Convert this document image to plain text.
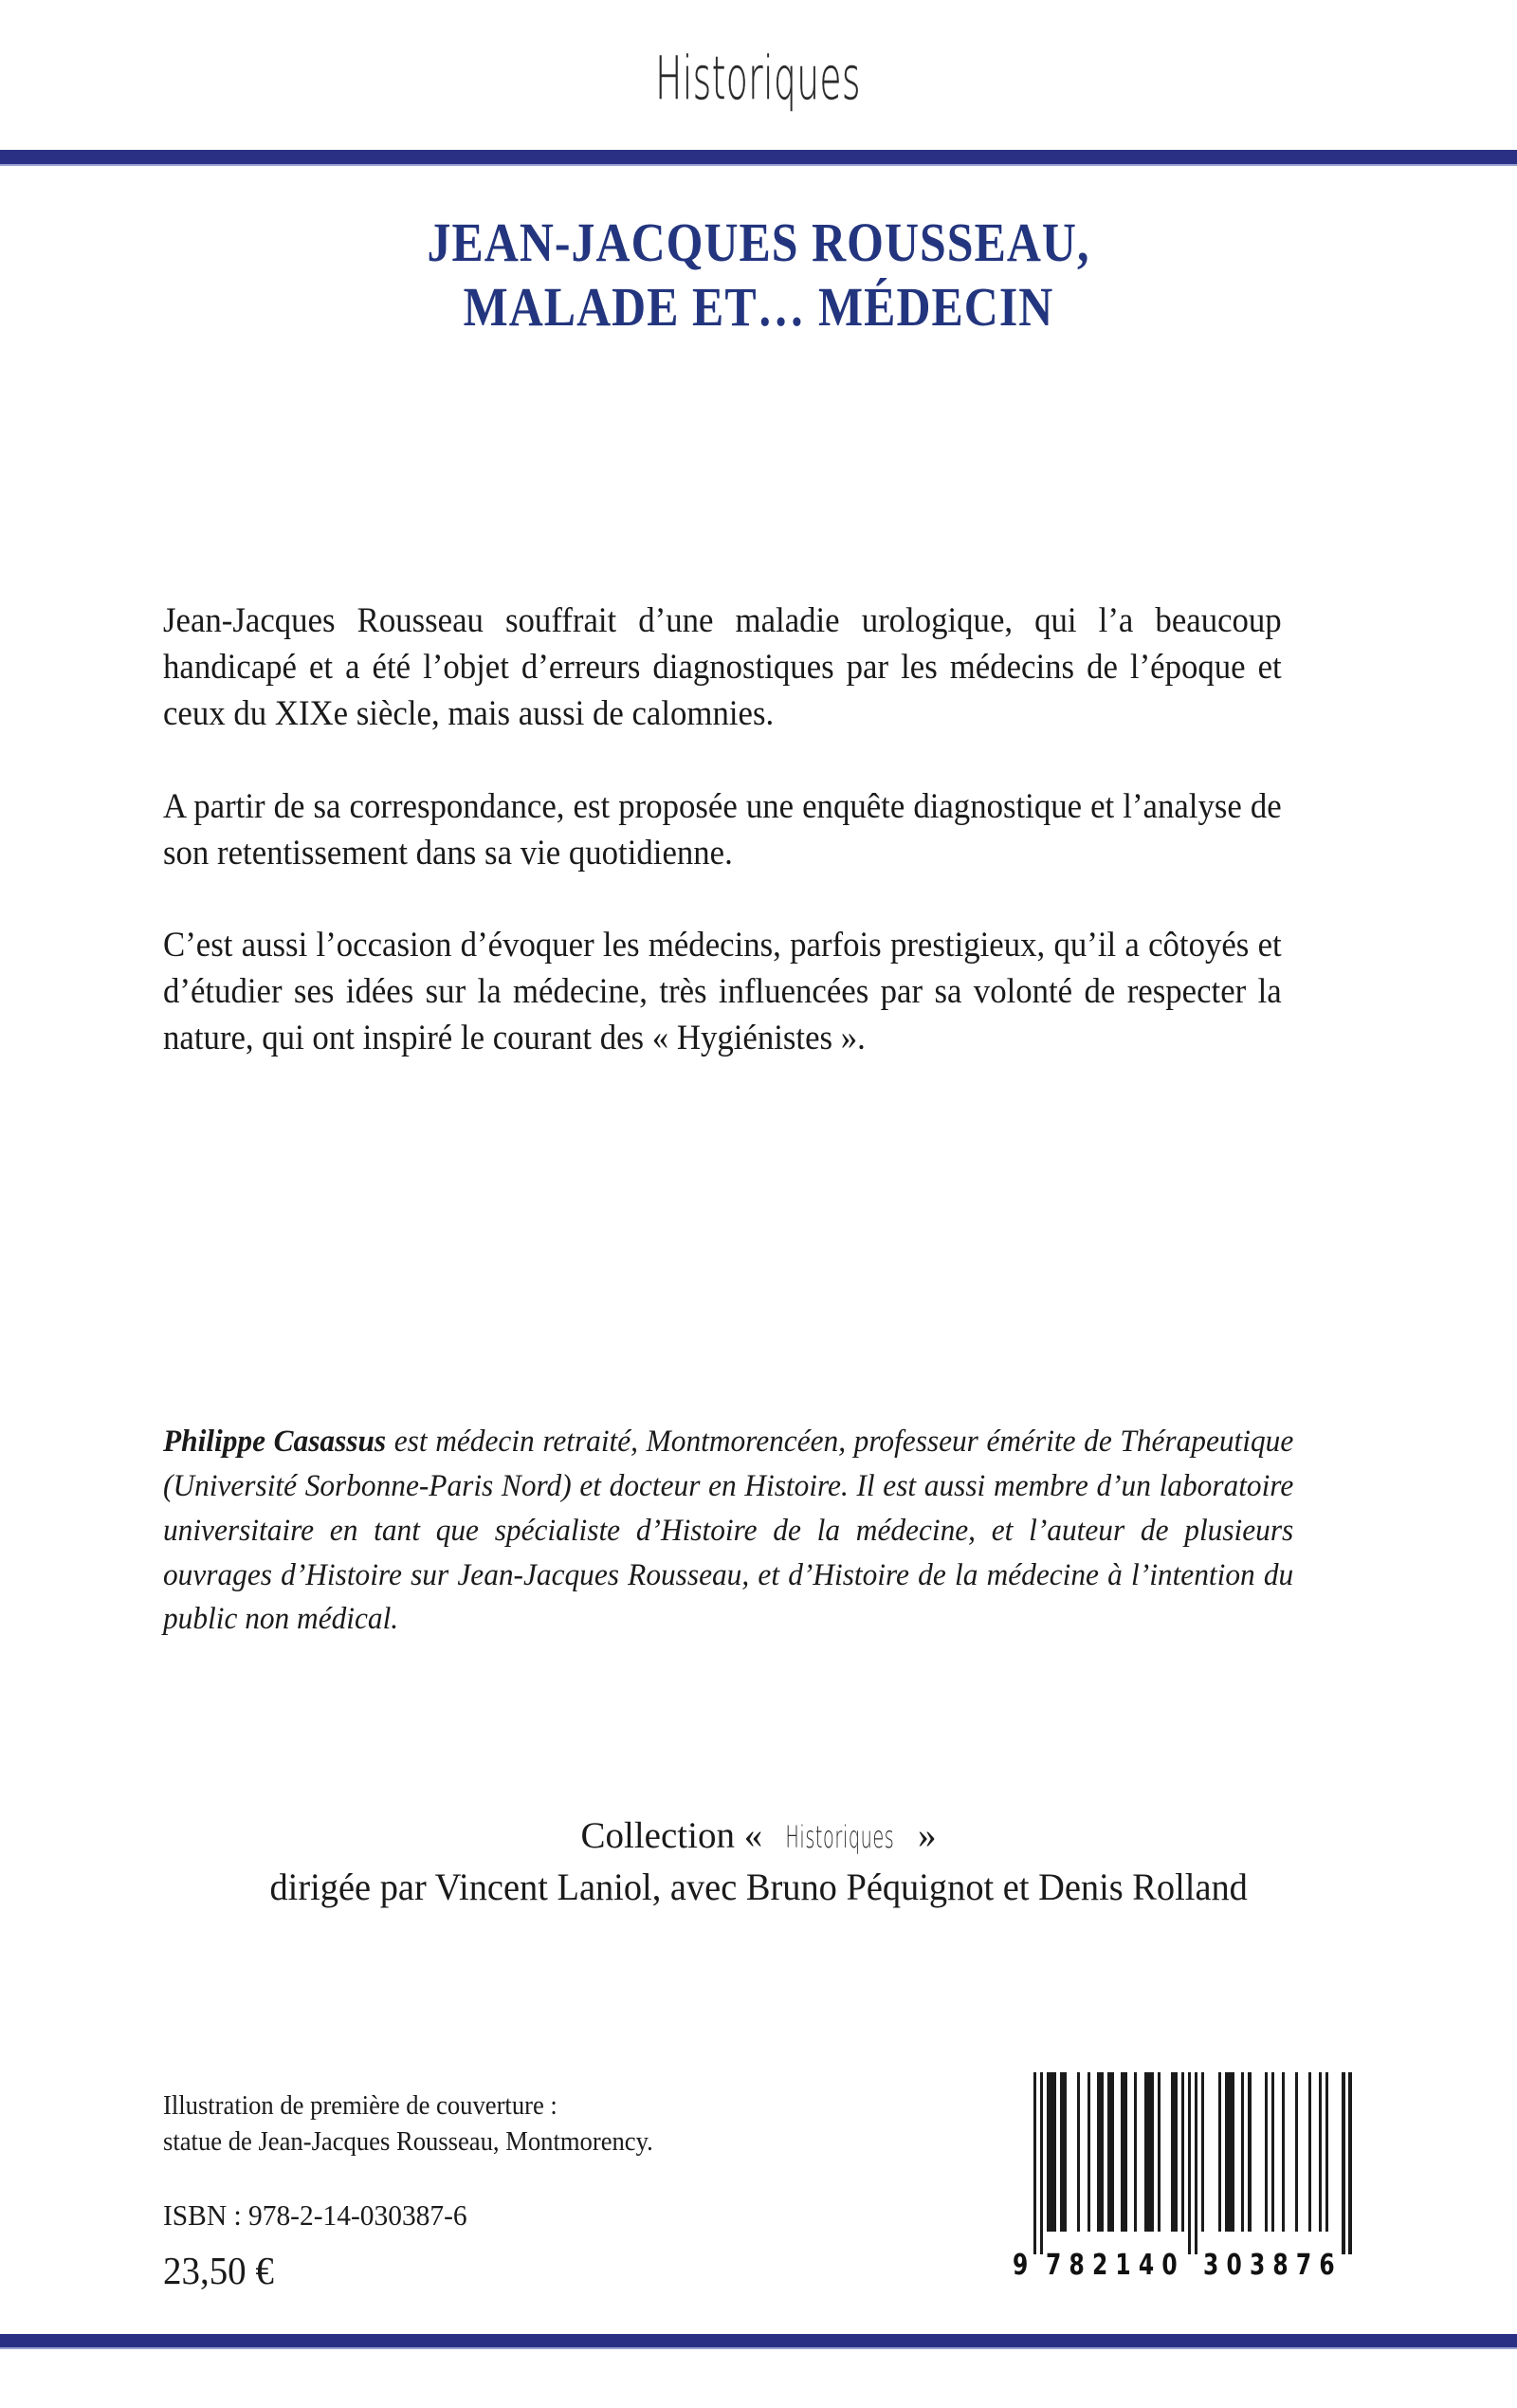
Historiques
JEAN-JACQUES ROUSSEAU,
MALADE ET… MÉDECIN

Jean-Jacques Rousseau souffrait d’une maladie urologique, qui l’a beaucoup handicapé et a été l’objet d’erreurs diagnostiques par les médecins de l’époque et ceux du XIXe siècle, mais aussi de calomnies.

A partir de sa correspondance, est proposée une enquête diagnostique et l’analyse de son retentissement dans sa vie quotidienne.

C’est aussi l’occasion d’évoquer les médecins, parfois prestigieux, qu’il a côtoyés et d’étudier ses idées sur la médecine, très influencées par sa volonté de respecter la nature, qui ont inspiré le courant des « Hygiénistes ».

Philippe Casassus est médecin retraité, Montmorencéen, professeur émérite de Thérapeutique (Université Sorbonne-Paris Nord) et docteur en Histoire. Il est aussi membre d’un laboratoire universitaire en tant que spécialiste d’Histoire de la médecine, et l’auteur de plusieurs ouvrages d’Histoire sur Jean-Jacques Rousseau, et d’Histoire de la médecine à l’intention du public non médical.
Collection « Historiques »
dirigée par Vincent Laniol, avec Bruno Péquignot et Denis Rolland
Illustration de première de couverture :
statue de Jean-Jacques Rousseau, Montmorency.
ISBN : 978-2-14-030387-6
23,50 €	9 782140 303876
